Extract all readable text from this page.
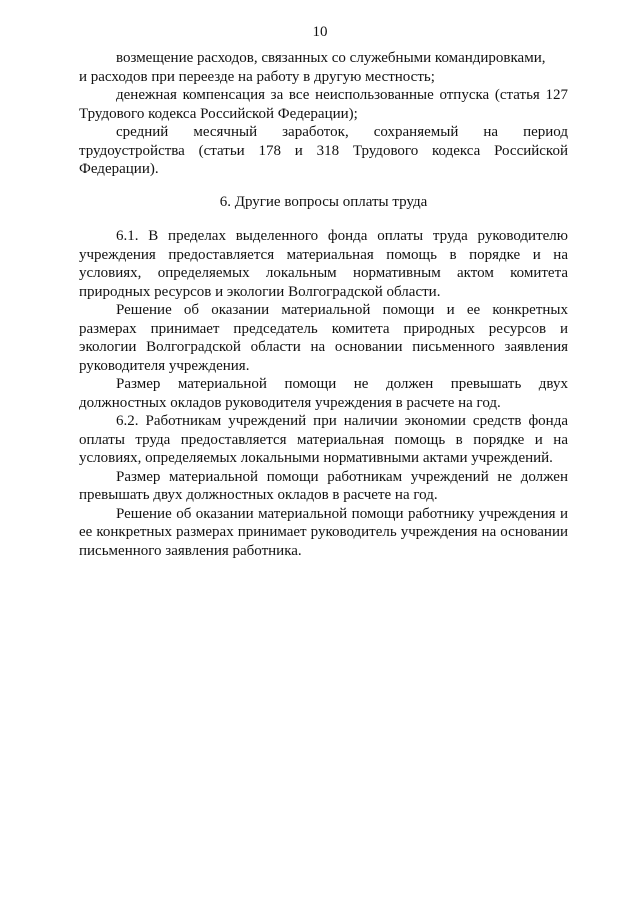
10

возмещение расходов, связанных со служебными командировками,

и расходов при переезде на работу в другую местность;

денежная компенсация за все неиспользованные отпуска (статья 127 Трудового кодекса Российской Федерации);

средний месячный заработок, сохраняемый на период трудоустройства (статьи 178 и 318 Трудового кодекса Российской Федерации).

6. Другие вопросы оплаты труда

6.1. В пределах выделенного фонда оплаты труда руководителю учреждения предоставляется материальная помощь в порядке и на условиях, определяемых локальным нормативным актом комитета природных ресурсов и экологии Волгоградской области.

Решение об оказании материальной помощи и ее конкретных размерах принимает председатель комитета природных ресурсов и экологии Волгоградской области на основании письменного заявления руководителя учреждения.

Размер материальной помощи не должен превышать двух должностных окладов руководителя учреждения в расчете на год.

6.2. Работникам учреждений при наличии экономии средств фонда оплаты труда предоставляется материальная помощь в порядке и на условиях, определяемых локальными нормативными актами учреждений.

Размер материальной помощи работникам учреждений не должен превышать двух должностных окладов в расчете на год.

Решение об оказании материальной помощи работнику учреждения и ее конкретных размерах принимает руководитель учреждения на основании письменного заявления работника.
